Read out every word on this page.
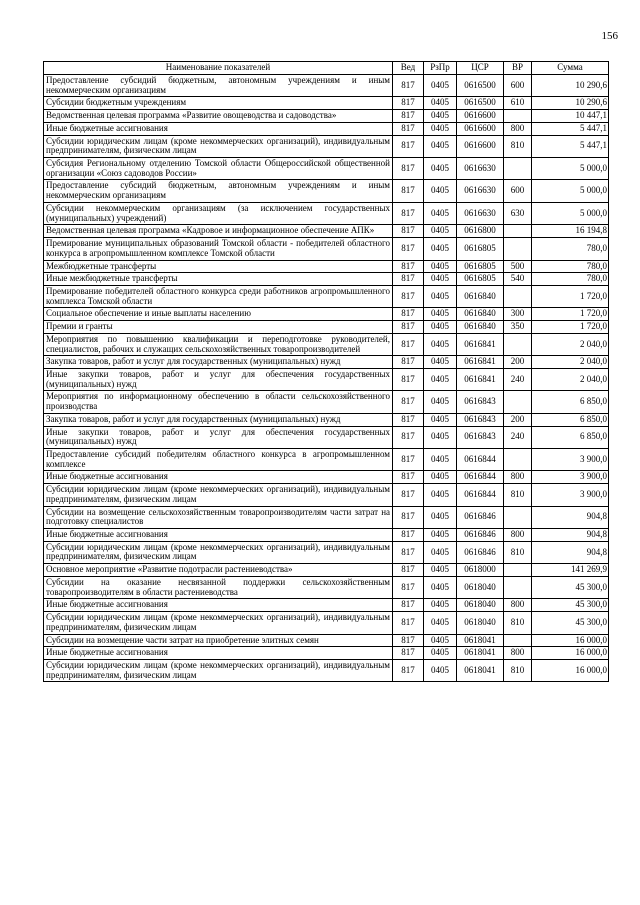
156
Наименование показателей	Вед	РзПр	ЦСР	ВР	Сумма
Предоставление субсидий бюджетным, автономным учреждениям и иным некоммерческим организациям	817	0405	0616500	600	10 290,6
Субсидии бюджетным учреждениям	817	0405	0616500	610	10 290,6
Ведомственная целевая программа «Развитие овощеводства и садоводства»	817	0405	0616600		10 447,1
Иные бюджетные ассигнования	817	0405	0616600	800	5 447,1
Субсидии юридическим лицам (кроме некоммерческих организаций), индивидуальным предпринимателям, физическим лицам	817	0405	0616600	810	5 447,1
Субсидия Региональному отделению Томской области Общероссийской общественной организации «Союз садоводов России»	817	0405	0616630		5 000,0
Предоставление субсидий бюджетным, автономным учреждениям и иным некоммерческим организациям	817	0405	0616630	600	5 000,0
Субсидии некоммерческим организациям (за исключением государственных (муниципальных) учреждений)	817	0405	0616630	630	5 000,0
Ведомственная целевая программа «Кадровое и информационное обеспечение АПК»	817	0405	0616800		16 194,8
Премирование муниципальных образований Томской области - победителей областного конкурса в агропромышленном комплексе Томской области	817	0405	0616805		780,0
Межбюджетные трансферты	817	0405	0616805	500	780,0
Иные межбюджетные трансферты	817	0405	0616805	540	780,0
Премирование победителей областного конкурса среди работников агропромышленного комплекса Томской области	817	0405	0616840		1 720,0
Социальное обеспечение и иные выплаты населению	817	0405	0616840	300	1 720,0
Премии и гранты	817	0405	0616840	350	1 720,0
Мероприятия по повышению квалификации и переподготовке руководителей, специалистов, рабочих и служащих сельскохозяйственных товаропроизводителей	817	0405	0616841		2 040,0
Закупка товаров, работ и услуг для государственных (муниципальных) нужд	817	0405	0616841	200	2 040,0
Иные закупки товаров, работ и услуг для обеспечения государственных (муниципальных) нужд	817	0405	0616841	240	2 040,0
Мероприятия по информационному обеспечению в области сельскохозяйственного производства	817	0405	0616843		6 850,0
Закупка товаров, работ и услуг для государственных (муниципальных) нужд	817	0405	0616843	200	6 850,0
Иные закупки товаров, работ и услуг для обеспечения государственных (муниципальных) нужд	817	0405	0616843	240	6 850,0
Предоставление субсидий победителям областного конкурса в агропромышленном комплексе	817	0405	0616844		3 900,0
Иные бюджетные ассигнования	817	0405	0616844	800	3 900,0
Субсидии юридическим лицам (кроме некоммерческих организаций), индивидуальным предпринимателям, физическим лицам	817	0405	0616844	810	3 900,0
Субсидии на возмещение сельскохозяйственным товаропроизводителям части затрат на подготовку специалистов	817	0405	0616846		904,8
Иные бюджетные ассигнования	817	0405	0616846	800	904,8
Субсидии юридическим лицам (кроме некоммерческих организаций), индивидуальным предпринимателям, физическим лицам	817	0405	0616846	810	904,8
Основное мероприятие «Развитие подотрасли растениеводства»	817	0405	0618000		141 269,9
Субсидии на оказание несвязанной поддержки сельскохозяйственным товаропроизводителям в области растениеводства	817	0405	0618040		45 300,0
Иные бюджетные ассигнования	817	0405	0618040	800	45 300,0
Субсидии юридическим лицам (кроме некоммерческих организаций), индивидуальным предпринимателям, физическим лицам	817	0405	0618040	810	45 300,0
Субсидии на возмещение части затрат на приобретение элитных семян	817	0405	0618041		16 000,0
Иные бюджетные ассигнования	817	0405	0618041	800	16 000,0
Субсидии юридическим лицам (кроме некоммерческих организаций), индивидуальным предпринимателям, физическим лицам	817	0405	0618041	810	16 000,0
